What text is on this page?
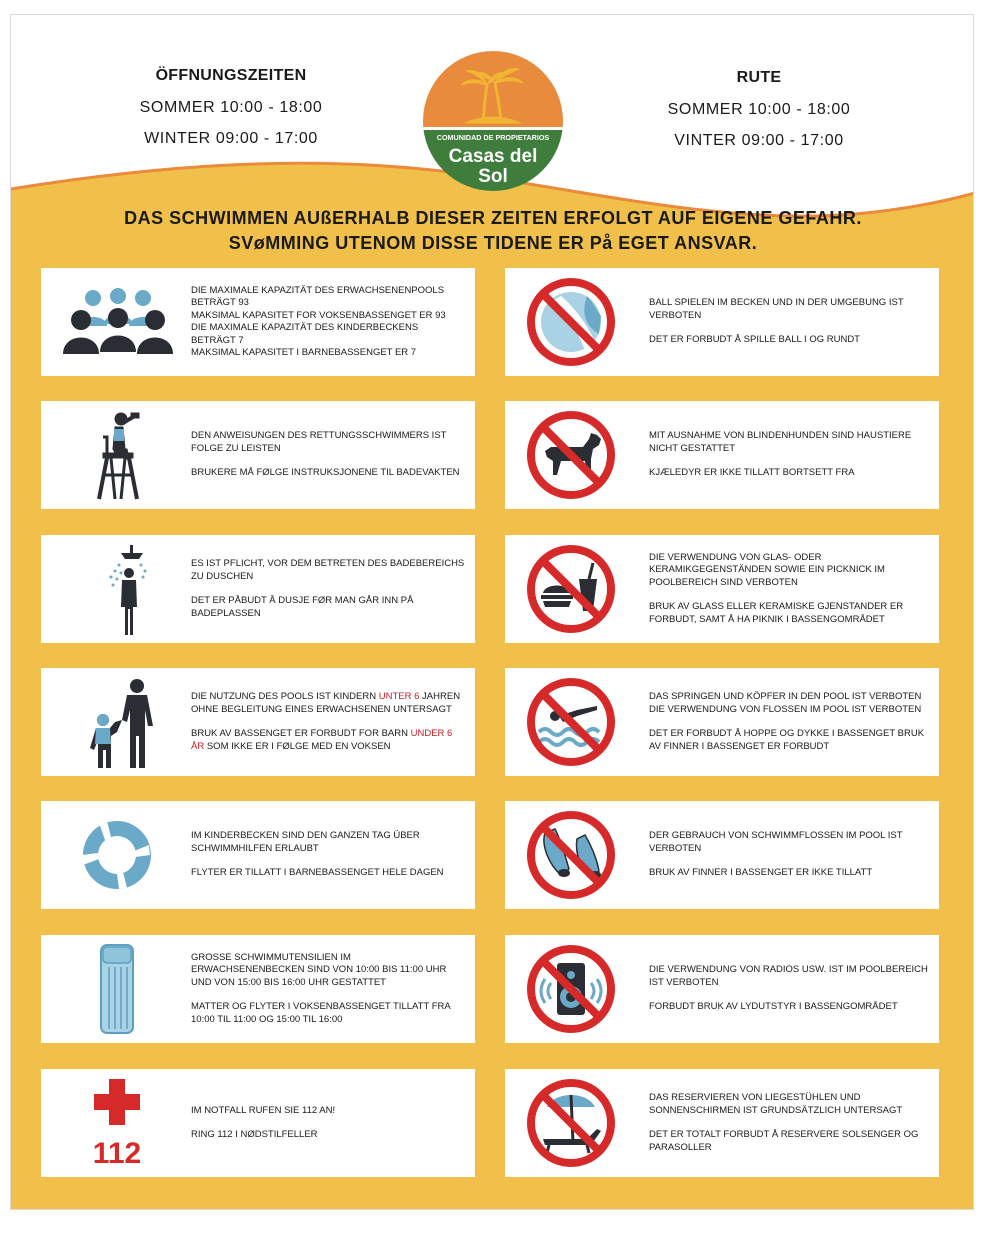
ÖFFNUNGSZEITEN
SOMMER 10:00 - 18:00
WINTER 09:00 - 17:00
RUTE
SOMMER 10:00 - 18:00
VINTER 09:00 - 17:00
COMUNIDAD DE PROPIETARIOS
Casas del
Sol
DAS SCHWIMMEN AUßERHALB DIESER ZEITEN ERFOLGT AUF EIGENE GEFAHR.
SVøMMING UTENOM DISSE TIDENE ER På EGET ANSVAR.
DIE MAXIMALE KAPAZITÄT DES ERWACHSENENPOOLS BETRÄGT 93
MAKSIMAL KAPASITET FOR VOKSENBASSENGET ER 93
DIE MAXIMALE KAPAZITÄT DES KINDERBECKENS BETRÄGT 7
MAKSIMAL KAPASITET I BARNEBASSENGET ER 7

DEN ANWEISUNGEN DES RETTUNGSSCHWIMMERS IST FOLGE ZU LEISTEN

BRUKERE MÅ FØLGE INSTRUKSJONENE TIL BADEVAKTEN

ES IST PFLICHT, VOR DEM BETRETEN DES BADEBEREICHS ZU DUSCHEN

DET ER PÅBUDT Å DUSJE FØR MAN GÅR INN PÅ BADEPLASSEN

DIE NUTZUNG DES POOLS IST KINDERN UNTER 6 JAHREN OHNE BEGLEITUNG EINES ERWACHSENEN UNTERSAGT

BRUK AV BASSENGET ER FORBUDT FOR BARN UNDER 6 ÅR SOM IKKE ER I FØLGE MED EN VOKSEN

IM KINDERBECKEN SIND DEN GANZEN TAG ÜBER SCHWIMMHILFEN ERLAUBT

FLYTER ER TILLATT I BARNEBASSENGET HELE DAGEN

GROSSE SCHWIMMUTENSILIEN IM ERWACHSENENBECKEN SIND VON 10:00 BIS 11:00 UHR UND VON 15:00 BIS 16:00 UHR GESTATTET

MATTER OG FLYTER I VOKSENBASSENGET TILLATT FRA 10:00 TIL 11:00 OG 15:00 TIL 16:00

112

IM NOTFALL RUFEN SIE 112 AN!

RING 112 I NØDSTILFELLER

BALL SPIELEN IM BECKEN UND IN DER UMGEBUNG IST VERBOTEN

DET ER FORBUDT Å SPILLE BALL I OG RUNDT

MIT AUSNAHME VON BLINDENHUNDEN SIND HAUSTIERE NICHT GESTATTET

KJÆLEDYR ER IKKE TILLATT BORTSETT FRA

DIE VERWENDUNG VON GLAS- ODER KERAMIKGEGENSTÄNDEN SOWIE EIN PICKNICK IM POOLBEREICH SIND VERBOTEN

BRUK AV GLASS ELLER KERAMISKE GJENSTANDER ER FORBUDT, SAMT Å HA PIKNIK I BASSENGOMRÅDET

DAS SPRINGEN UND KÖPFER IN DEN POOL IST VERBOTEN DIE VERWENDUNG VON FLOSSEN IM POOL IST VERBOTEN

DET ER FORBUDT Å HOPPE OG DYKKE I BASSENGET BRUK AV FINNER I BASSENGET ER FORBUDT

DER GEBRAUCH VON SCHWIMMFLOSSEN IM POOL IST VERBOTEN

BRUK AV FINNER I BASSENGET ER IKKE TILLATT

DIE VERWENDUNG VON RADIOS USW. IST IM POOLBEREICH IST VERBOTEN

FORBUDT BRUK AV LYDUTSTYR I BASSENGOMRÅDET

DAS RESERVIEREN VON LIEGESTÜHLEN UND SONNENSCHIRMEN IST GRUNDSÄTZLICH UNTERSAGT

DET ER TOTALT FORBUDT Å RESERVERE SOLSENGER OG PARASOLLER
